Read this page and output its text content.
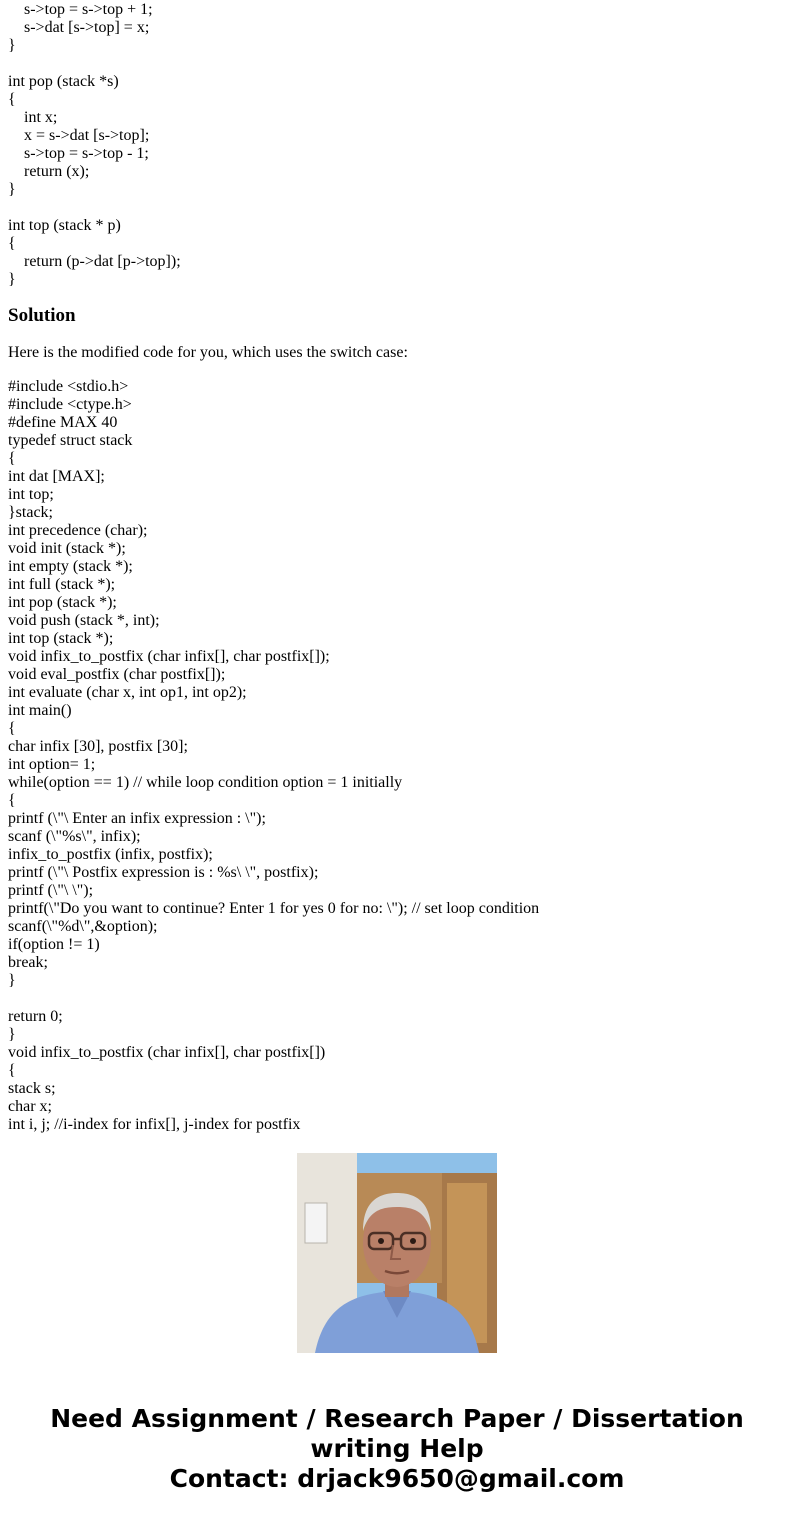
s->top = s->top + 1;
s->dat [s->top] = x;
}
int pop (stack *s)
{
int x;
x = s->dat [s->top];
s->top = s->top - 1;
return (x);
}
int top (stack * p)
{
return (p->dat [p->top]);
}
Solution

Here is the modified code for you, which uses the switch case:

#include <stdio.h>
#include <ctype.h>
#define MAX 40
typedef struct stack
{
int dat [MAX];
int top;
}stack;
int precedence (char);
void init (stack *);
int empty (stack *);
int full (stack *);
int pop (stack *);
void push (stack *, int);
int top (stack *);
void infix_to_postfix (char infix[], char postfix[]);
void eval_postfix (char postfix[]);
int evaluate (char x, int op1, int op2);
int main()
{
char infix [30], postfix [30];
int option= 1;
while(option == 1) // while loop condition option = 1 initially
{
printf (\"\ Enter an infix expression : \");
scanf (\"%s\", infix);
infix_to_postfix (infix, postfix);
printf (\"\ Postfix expression is : %s\ \", postfix);
printf (\"\ \");
printf(\"Do you want to continue? Enter 1 for yes 0 for no: \"); // set loop condition
scanf(\"%d\",&option);
if(option != 1)
break;
}
return 0;
}
void infix_to_postfix (char infix[], char postfix[])
{
stack s;
char x;
int i, j; //i-index for infix[], j-index for postfix
Need Assignment / Research Paper / Dissertation
writing Help
Contact: drjack9650@gmail.com
